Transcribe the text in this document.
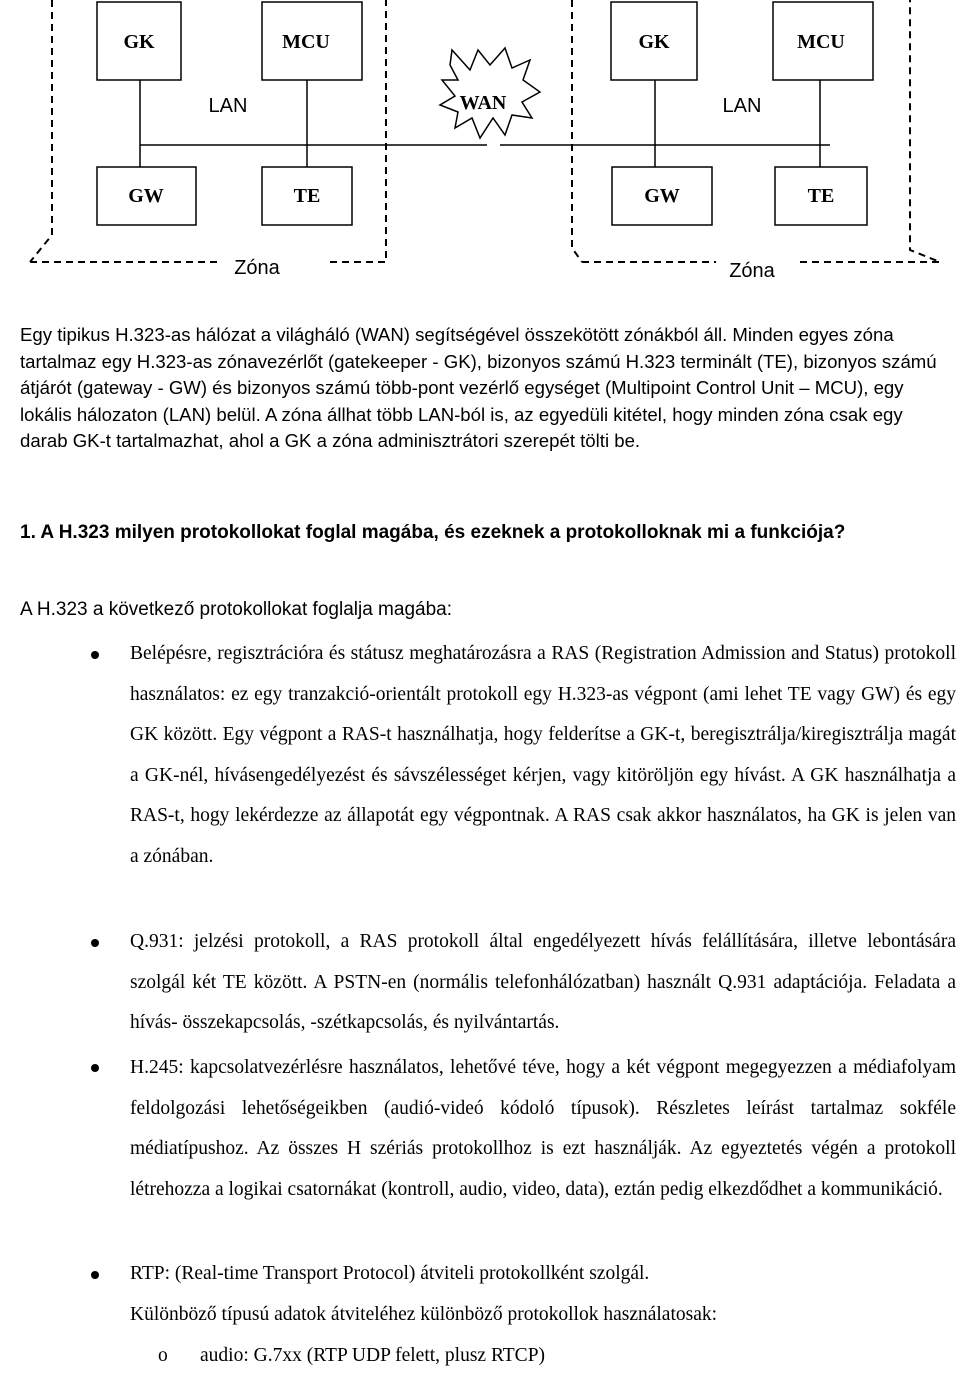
GK	MCU
LAN
GW	TE
Zóna
WAN
GK	MCU
LAN
GW	TE
Zóna
Egy tipikus H.323-as hálózat a világháló (WAN) segítségével összekötött zónákból áll. Minden egyes zóna tartalmaz egy H.323-as zónavezérlőt (gatekeeper - GK), bizonyos számú H.323 terminált (TE), bizonyos számú átjárót (gateway - GW) és bizonyos számú több-pont vezérlő egységet (Multipoint Control Unit – MCU), egy lokális hálozaton (LAN) belül. A zóna állhat több LAN-ból is, az egyedüli kitétel, hogy minden zóna csak egy darab GK-t tartalmazhat, ahol a GK a zóna adminisztrátori szerepét tölti be.
1. A H.323 milyen protokollokat foglal magába, és ezeknek a protokolloknak mi a funkciója?
A H.323 a következő protokollokat foglalja magába:
Belépésre, regisztrációra és státusz meghatározásra a RAS (Registration Admission and Status) protokoll használatos: ez egy tranzakció-orientált protokoll egy H.323-as végpont (ami lehet TE vagy GW) és egy GK között. Egy végpont a RAS-t használhatja, hogy felderítse a GK-t, beregisztrálja/kiregisztrálja magát a GK-nél, hívásengedélyezést és sávszélességet kérjen, vagy kitöröljön egy hívást. A GK használhatja a RAS-t, hogy lekérdezze az állapotát egy végpontnak. A RAS csak akkor használatos, ha GK is jelen van a zónában.
Q.931: jelzési protokoll, a RAS protokoll által engedélyezett hívás felállítására, illetve lebontására szolgál két TE között. A PSTN-en (normális telefonhálózatban) használt Q.931 adaptációja. Feladata a hívás- összekapcsolás, -szétkapcsolás, és nyilvántartás.
H.245: kapcsolatvezérlésre használatos, lehetővé téve, hogy a két végpont megegyezzen a médiafolyam feldolgozási lehetőségeikben (audió-videó kódoló típusok). Részletes leírást tartalmaz sokféle médiatípushoz. Az összes H szériás protokollhoz is ezt használják. Az egyeztetés végén a protokoll létrehozza a logikai csatornákat (kontroll, audio, video, data), eztán pedig elkezdődhet a kommunikáció.
RTP: (Real-time Transport Protocol) átviteli protokollként szolgál.
Különböző típusú adatok átviteléhez különböző protokollok használatosak:
o audio: G.7xx (RTP UDP felett, plusz RTCP)
